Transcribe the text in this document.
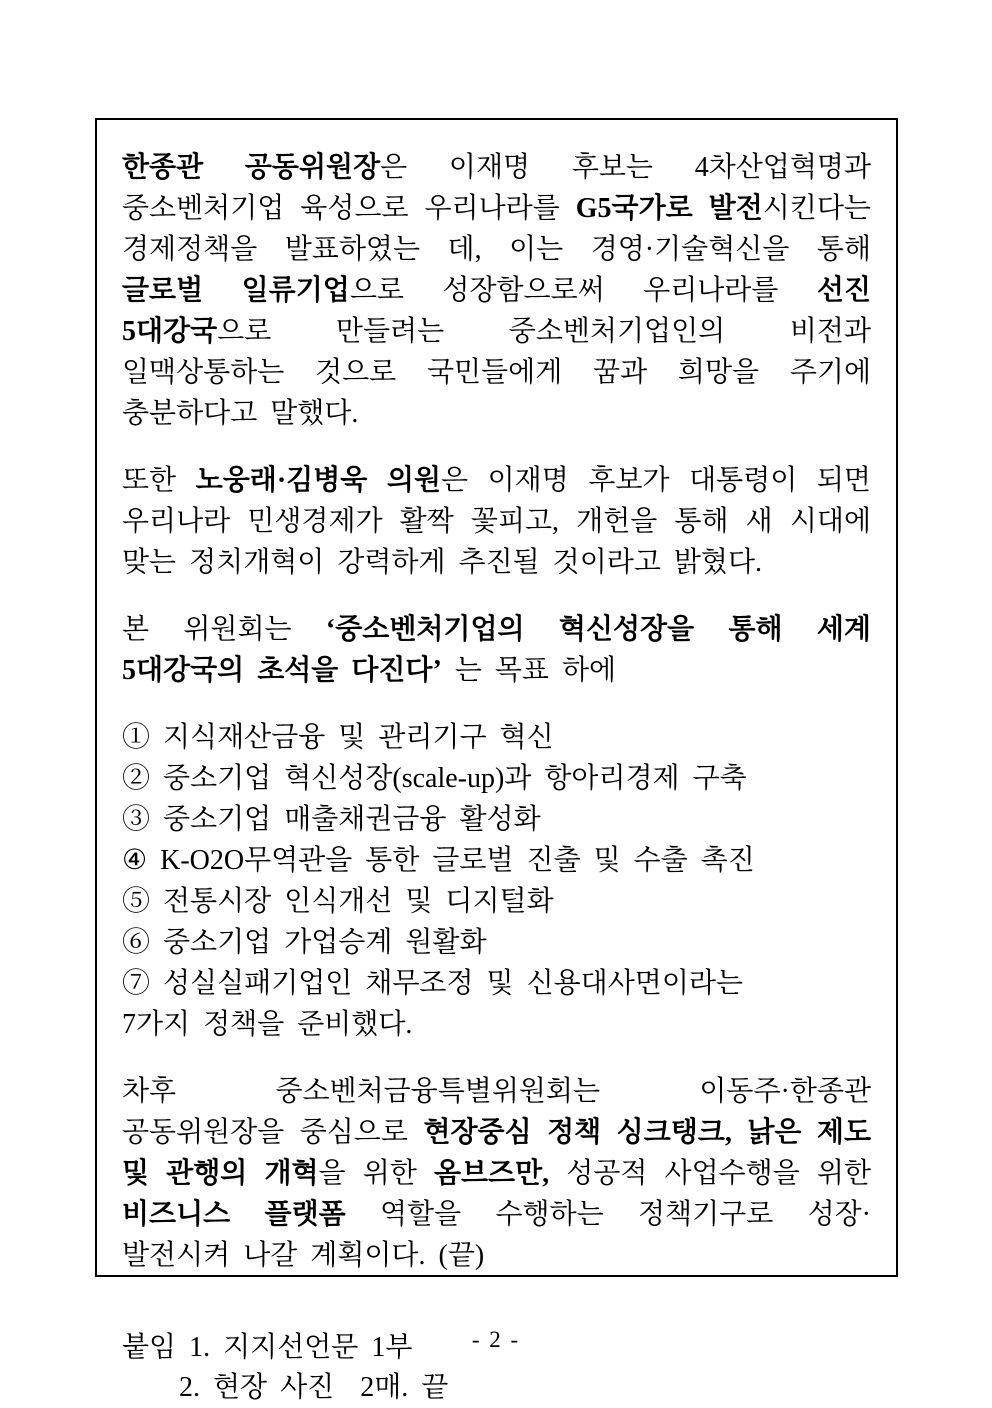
한종관 공동위원장은 이재명 후보는 4차산업혁명과 중소벤처기업 육성으로 우리나라를 G5국가로 발전시킨다는 경제정책을 발표하였는 데, 이는 경영·기술혁신을 통해 글로벌 일류기업으로 성장함으로써 우리나라를 선진 5대강국으로 만들려는 중소벤처기업인의 비전과 일맥상통하는 것으로 국민들에게 꿈과 희망을 주기에 충분하다고 말했다.

또한 노웅래·김병욱 의원은 이재명 후보가 대통령이 되면 우리나라 민생경제가 활짝 꽃피고, 개헌을 통해 새 시대에 맞는 정치개혁이 강력하게 추진될 것이라고 밝혔다.

본 위원회는 ‘중소벤처기업의 혁신성장을 통해 세계 5대강국의 초석을 다진다’ 는 목표 하에

① 지식재산금융 및 관리기구 혁신
② 중소기업 혁신성장(scale-up)과 항아리경제 구축
③ 중소기업 매출채권금융 활성화
④ K-O2O무역관을 통한 글로벌 진출 및 수출 촉진
⑤ 전통시장 인식개선 및 디지털화
⑥ 중소기업 가업승계 원활화
⑦ 성실실패기업인 채무조정 및 신용대사면이라는
7가지 정책을 준비했다.

차후 중소벤처금융특별위원회는 이동주·한종관 공동위원장을 중심으로 현장중심 정책 싱크탱크, 낡은 제도 및 관행의 개혁을 위한 옴브즈만, 성공적 사업수행을 위한 비즈니스 플랫폼 역할을 수행하는 정책기구로 성장·발전시켜 나갈 계획이다. (끝)

붙임 1. 지지선언문 1부
2. 현장 사진  2매. 끝
- 2 -
